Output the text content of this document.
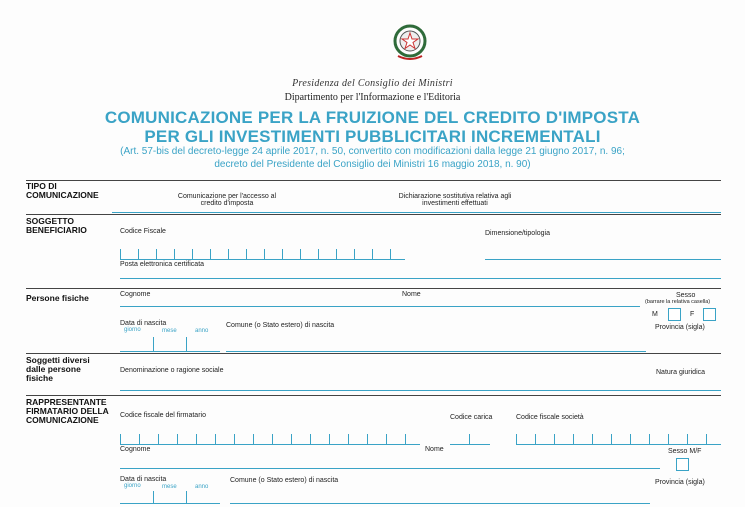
Presidenza del Consiglio dei Ministri
Dipartimento per l'Informazione e l'Editoria
COMUNICAZIONE PER LA FRUIZIONE DEL CREDITO D'IMPOSTA
PER GLI INVESTIMENTI PUBBLICITARI INCREMENTALI
(Art. 57-bis del decreto-legge 24 aprile 2017, n. 50, convertito con modificazioni dalla legge 21 giugno 2017, n. 96;
decreto del Presidente del Consiglio dei Ministri 16 maggio 2018, n. 90)
TIPO DI COMUNICAZIONE	Comunicazione per l'accesso al credito d'imposta
Dichiarazione sostitutiva relativa agli investimenti effettuati
SOGGETTO BENEFICIARIO	Codice Fiscale	Dimensione/tipologia
Posta elettronica certificata
Persone fisiche	Cognome	Nome	Sesso
(barrare la relativa casella)
M	F
Data di nascita
giorno	mese	anno
Comune (o Stato estero) di nascita	Provincia (sigla)
Soggetti diversi dalle persone fisiche
Denominazione o ragione sociale	Natura giuridica
RAPPRESENTANTE FIRMATARIO DELLA COMUNICAZIONE	Codice fiscale del firmatario	Codice carica	Codice fiscale società
Cognome	Nome	Sesso M/F
Data di nascita
giorno	mese	anno
Comune (o Stato estero) di nascita	Provincia (sigla)
